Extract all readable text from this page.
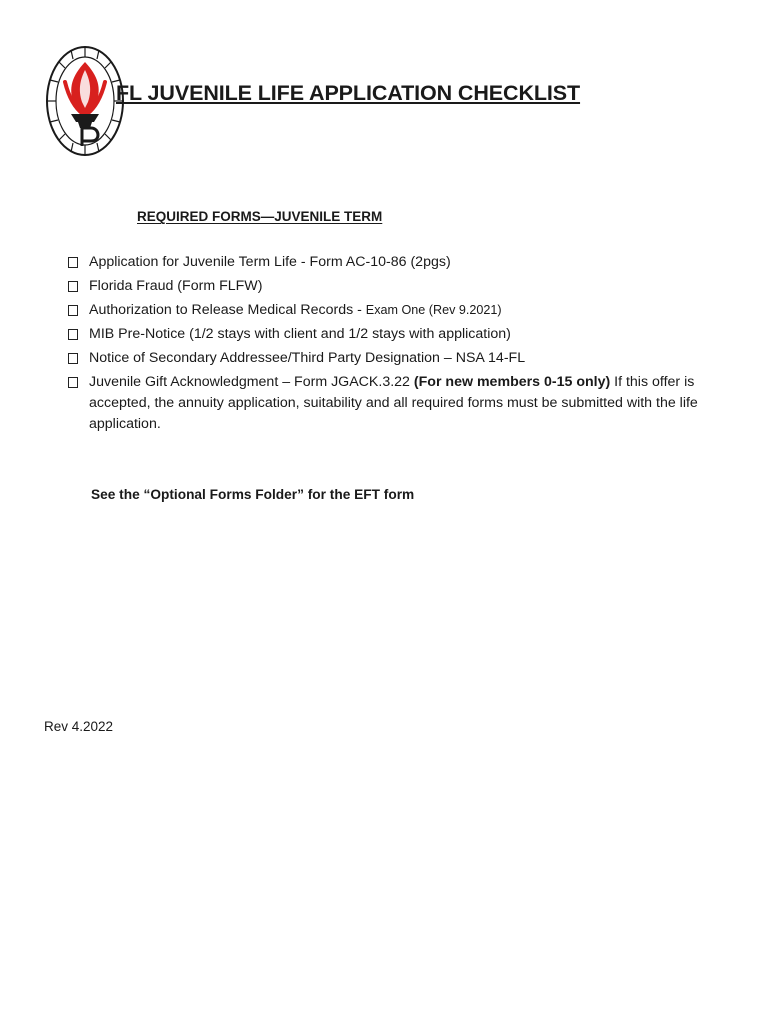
FL JUVENILE LIFE APPLICATION CHECKLIST
REQUIRED FORMS—JUVENILE TERM
Application for Juvenile Term Life - Form AC-10-86 (2pgs)
Florida Fraud (Form FLFW)
Authorization to Release Medical Records - Exam One (Rev 9.2021)
MIB Pre-Notice (1/2 stays with client and 1/2 stays with application)
Notice of Secondary Addressee/Third Party Designation – NSA 14-FL
Juvenile Gift Acknowledgment – Form JGACK.3.22 (For new members 0-15 only) If this offer is accepted, the annuity application, suitability and all required forms must be submitted with the life application.

See the “Optional Forms Folder” for the EFT form

Rev 4.2022
